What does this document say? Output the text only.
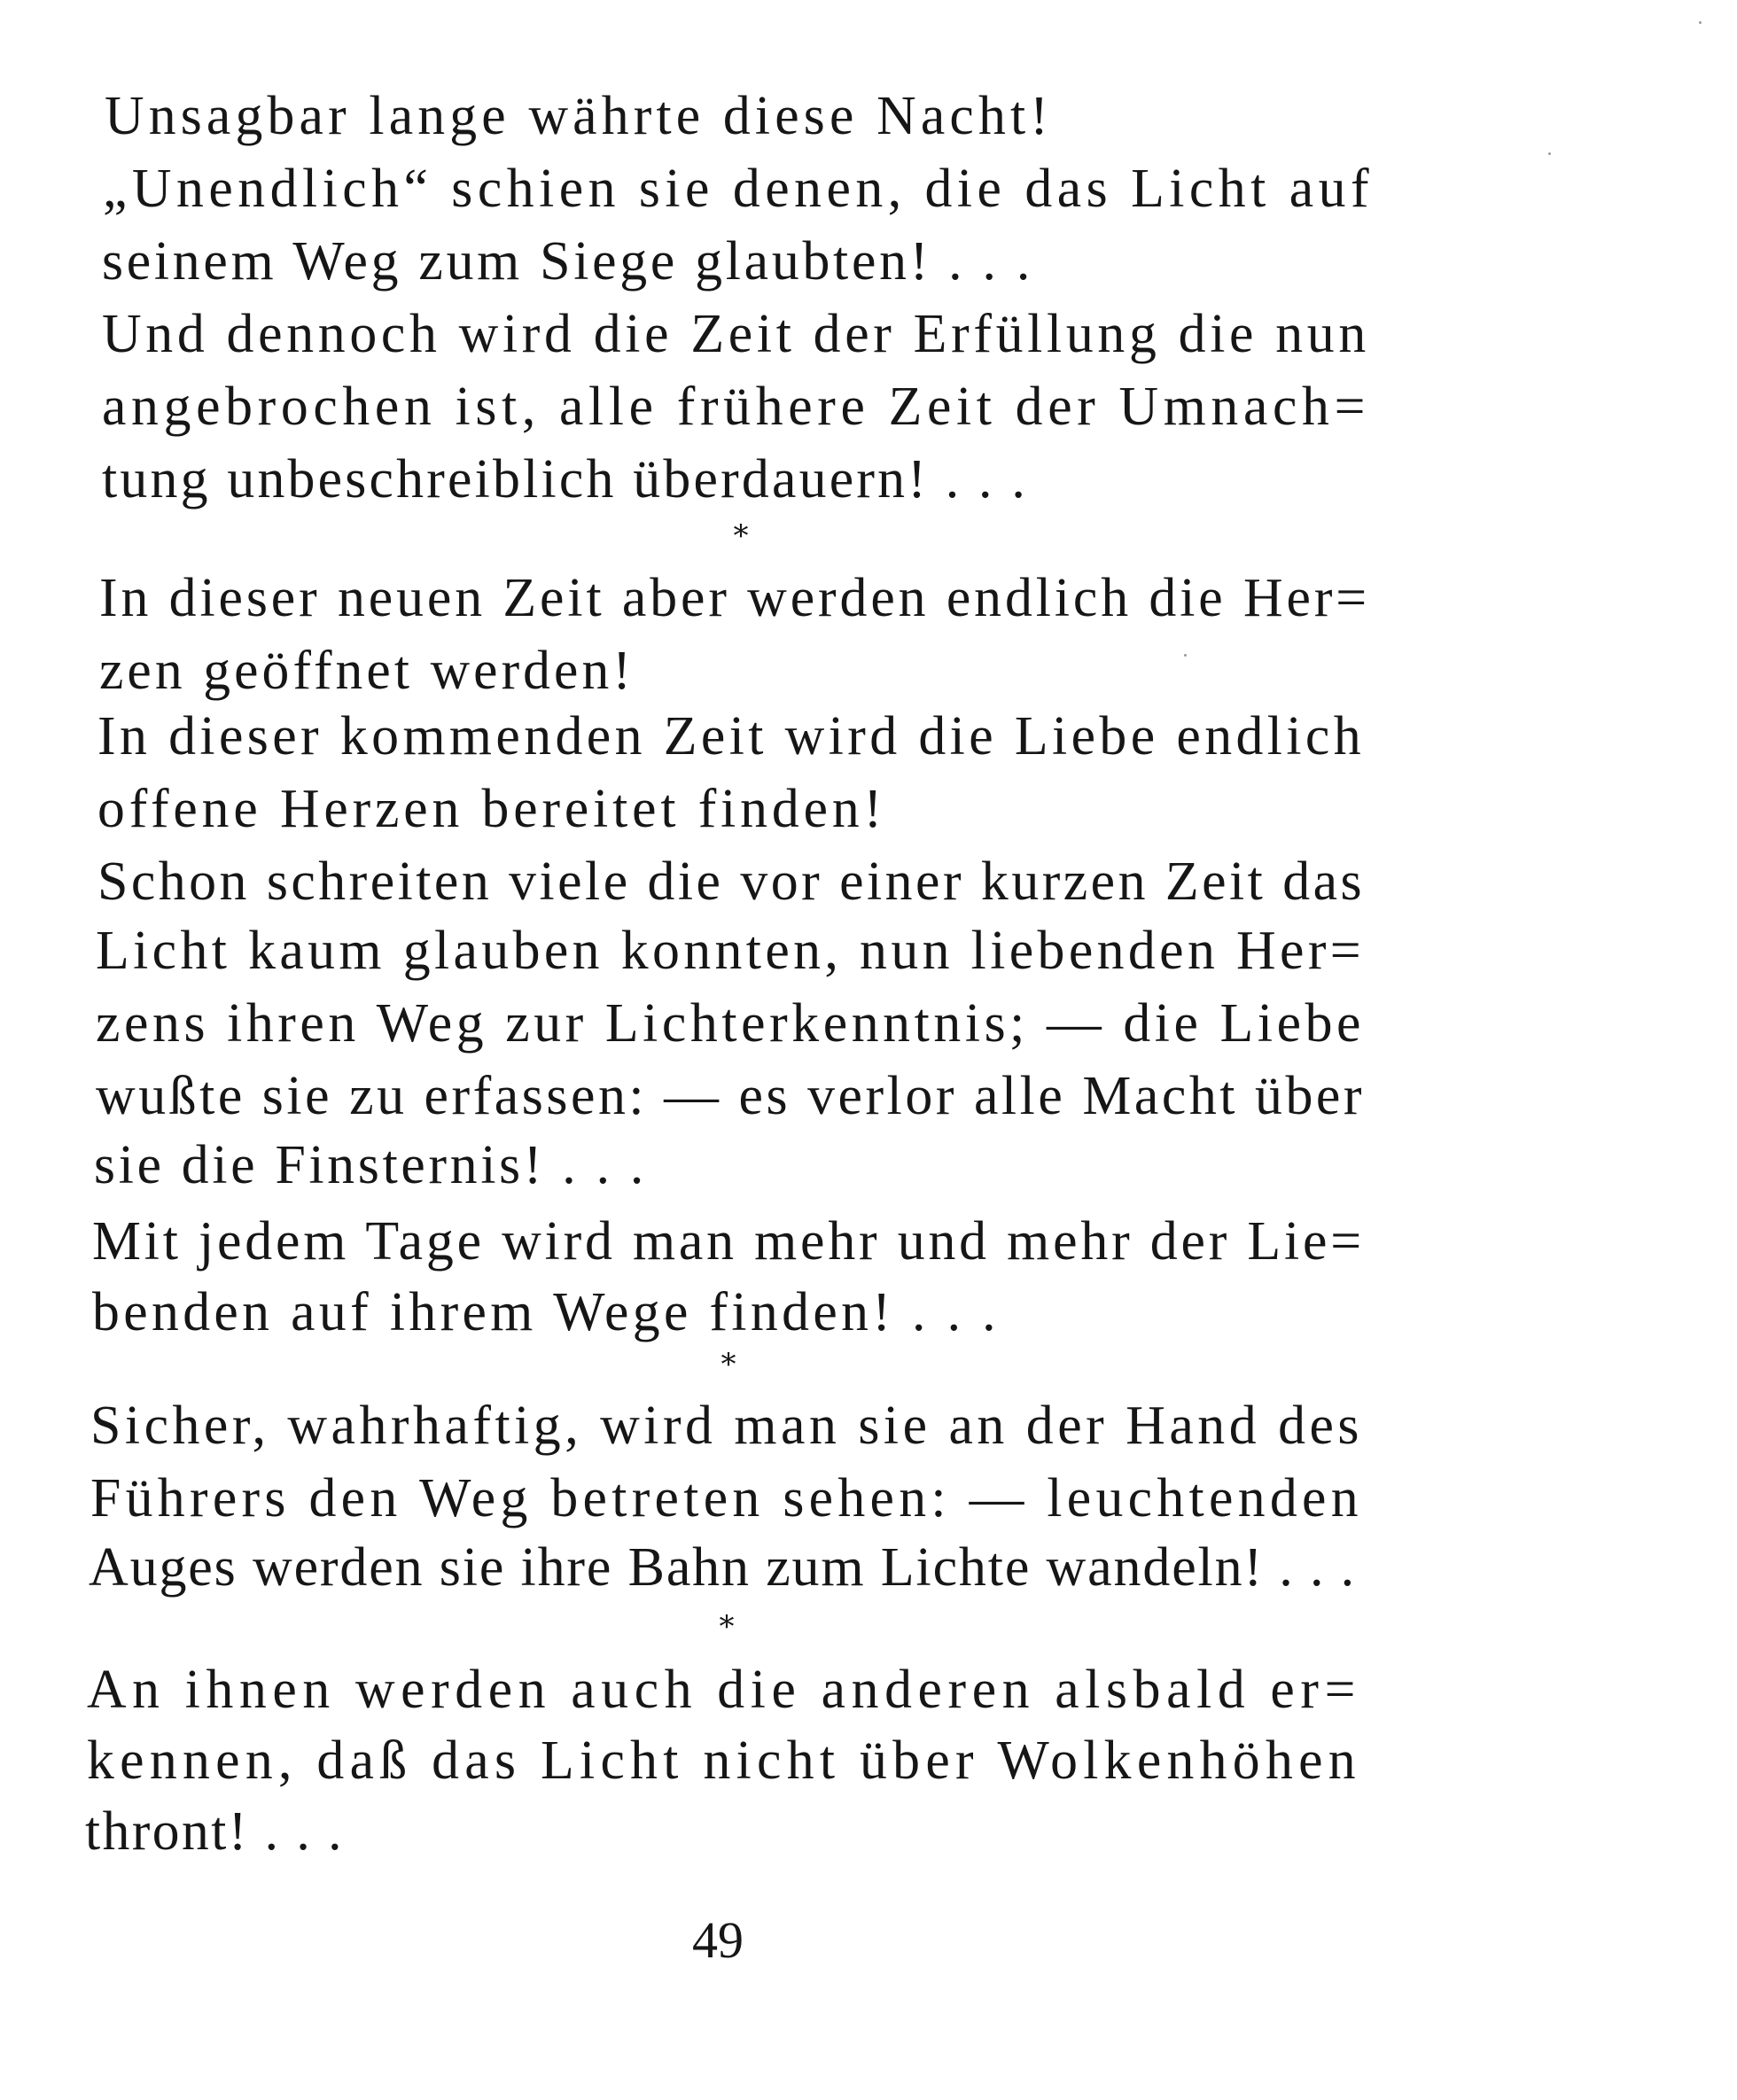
Unsagbar lange währte diese Nacht!
„Unendlich“ schien sie denen, die das Licht auf
seinem Weg zum Siege glaubten! . . .
Und dennoch wird die Zeit der Erfüllung die nun
angebrochen ist, alle frühere Zeit der Umnach=
tung unbeschreiblich überdauern! . . .
*
In dieser neuen Zeit aber werden endlich die Her=
zen geöffnet werden!
In dieser kommenden Zeit wird die Liebe endlich
offene Herzen bereitet finden!
Schon schreiten viele die vor einer kurzen Zeit das
Licht kaum glauben konnten, nun liebenden Her=
zens ihren Weg zur Lichterkenntnis; — die Liebe
wußte sie zu erfassen: — es verlor alle Macht über
sie die Finsternis! . . .
Mit jedem Tage wird man mehr und mehr der Lie=
benden auf ihrem Wege finden! . . .
*
Sicher, wahrhaftig, wird man sie an der Hand des
Führers den Weg betreten sehen: — leuchtenden
Auges werden sie ihre Bahn zum Lichte wandeln! . . .
*
An ihnen werden auch die anderen alsbald er=
kennen, daß das Licht nicht über Wolkenhöhen
thront! . . .
49
